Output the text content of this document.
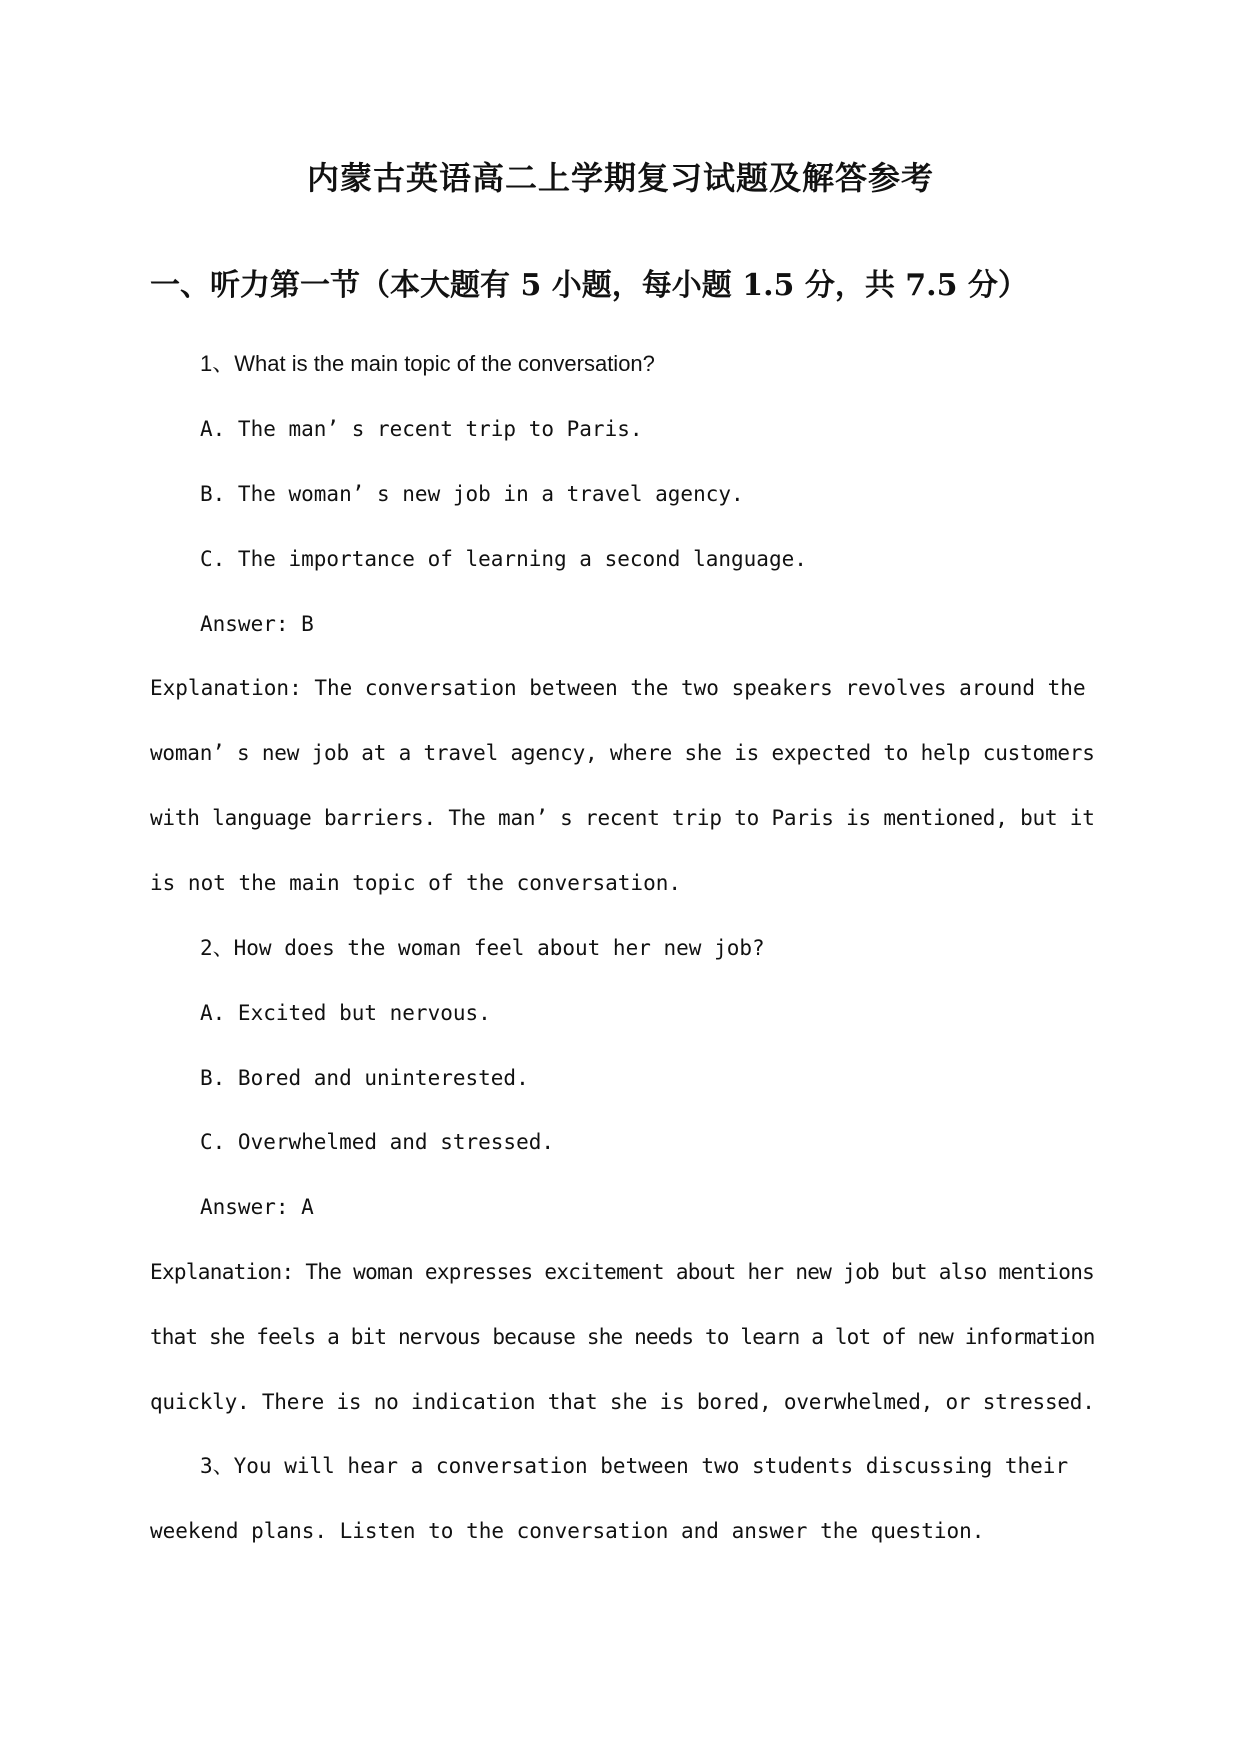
内蒙古英语高二上学期复习试题及解答参考
一、听力第一节（本大题有 5 小题，每小题 1.5 分，共 7.5 分）
1、What is the main topic of the conversation?
A. The man’ s recent trip to Paris.
B. The woman’ s new job in a travel agency.
C. The importance of learning a second language.
Answer: B
Explanation: The conversation between the two speakers revolves around the
woman’ s new job at a travel agency, where she is expected to help customers
with language barriers. The man’ s recent trip to Paris is mentioned, but it
is not the main topic of the conversation.
2、How does the woman feel about her new job?
A. Excited but nervous.
B. Bored and uninterested.
C. Overwhelmed and stressed.
Answer: A
Explanation: The woman expresses excitement about her new job but also mentions
that she feels a bit nervous because she needs to learn a lot of new information
quickly. There is no indication that she is bored, overwhelmed, or stressed.
3、You will hear a conversation between two students discussing their
weekend plans. Listen to the conversation and answer the question.
